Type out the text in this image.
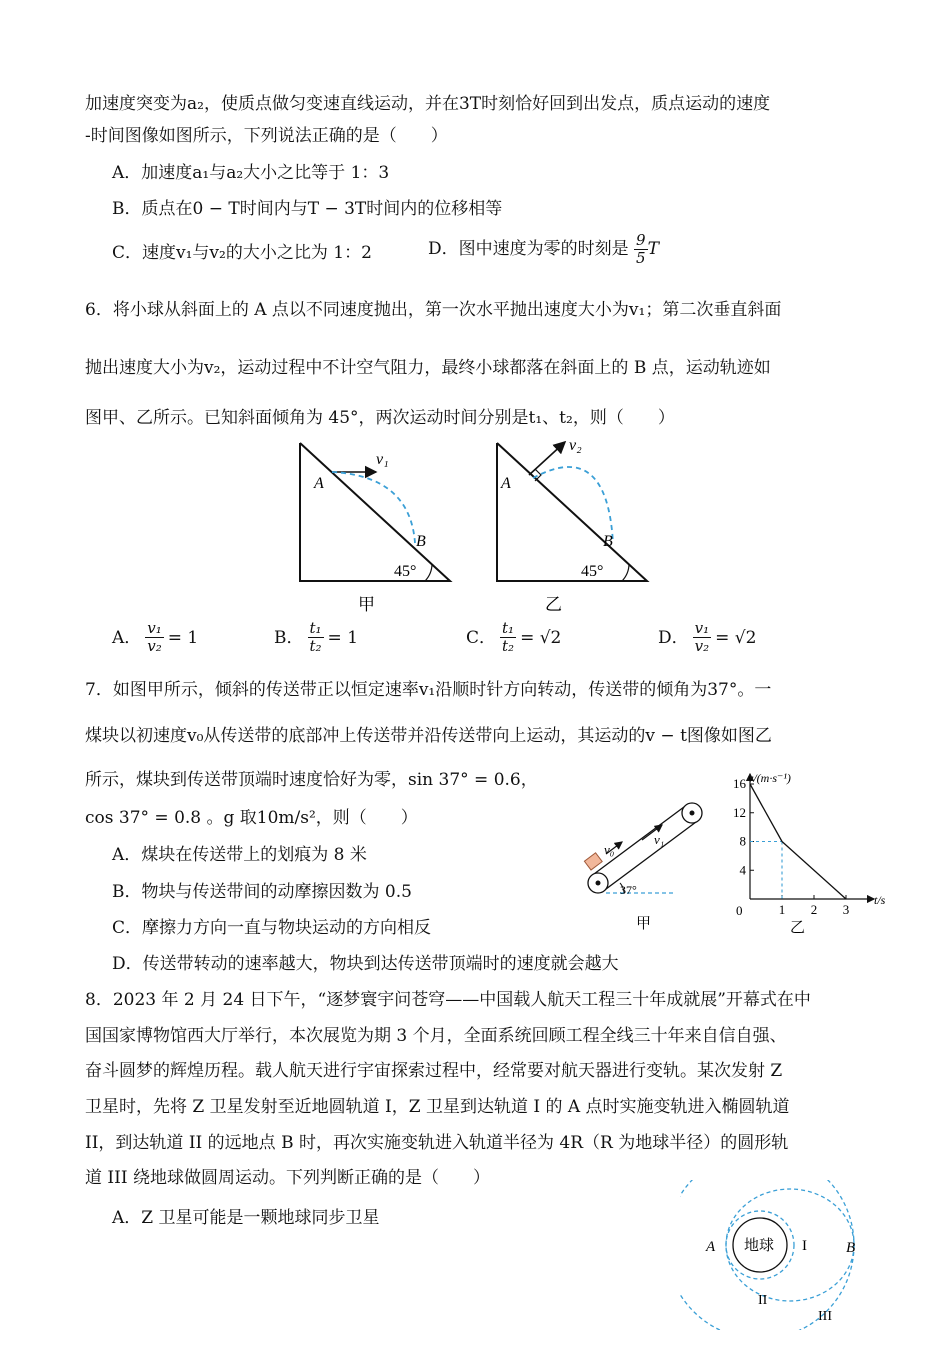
加速度突变为a₂，使质点做匀变速直线运动，并在3T时刻恰好回到出发点，质点运动的速度
-时间图像如图所示，下列说法正确的是（　　）
A．加速度a₁与a₂大小之比等于 1：3
B．质点在0 − T时间内与T − 3T时间内的位移相等
C．速度v₁与v₂的大小之比为 1：2	D．图中速度为零的时刻是 $\frac{9}{5}$ T
6．将小球从斜面上的 A 点以不同速度抛出，第一次水平抛出速度大小为v₁；第二次垂直斜面
抛出速度大小为v₂，运动过程中不计空气阻力，最终小球都落在斜面上的 B 点，运动轨迹如
图甲、乙所示。已知斜面倾角为 45°，两次运动时间分别是t₁、t₂，则（　　）
A
B
45°
v₁
甲
A
B
45°
v₂
乙
A． $\frac{\text{v₁}}{\text{v₂}} = 1$	B． $\frac{\text{t₁}}{\text{t₂}} = 1$	C． $\frac{\text{t₁}}{\text{t₂}} = √2$	D． $\frac{\text{v₁}}{\text{v₂}} = √2$
7．如图甲所示，倾斜的传送带正以恒定速率v₁沿顺时针方向转动，传送带的倾角为37°。一
煤块以初速度v₀从传送带的底部冲上传送带并沿传送带向上运动，其运动的v − t图像如图乙
所示，煤块到传送带顶端时速度恰好为零，sin 37° = 0.6，
cos 37° = 0.8 。g 取10m/s²，则（　　）
A．煤块在传送带上的划痕为 8 米
B．物块与传送带间的动摩擦因数为 0.5
C．摩擦力方向一直与物块运动的方向相反
D．传送带转动的速率越大，物块到达传送带顶端时的速度就会越大
v₀
v₁
37°
甲
v/(m·s⁻¹)
t/s
0
4
8
12
16
1 2 3
乙
8．2023 年 2 月 24 日下午，“逐梦寰宇问苍穹——中国载人航天工程三十年成就展”开幕式在中
国国家博物馆西大厅举行，本次展览为期 3 个月，全面系统回顾工程全线三十年来自信自强、
奋斗圆梦的辉煌历程。载人航天进行宇宙探索过程中，经常要对航天器进行变轨。某次发射 Z
卫星时，先将 Z 卫星发射至近地圆轨道 I，Z 卫星到达轨道 I 的 A 点时实施变轨进入椭圆轨道
II，到达轨道 II 的远地点 B 时，再次实施变轨进入轨道半径为 4R（R 为地球半径）的圆形轨
道 III 绕地球做圆周运动。下列判断正确的是（　　）
A．Z 卫星可能是一颗地球同步卫星
地球
A	B
I
II
III
